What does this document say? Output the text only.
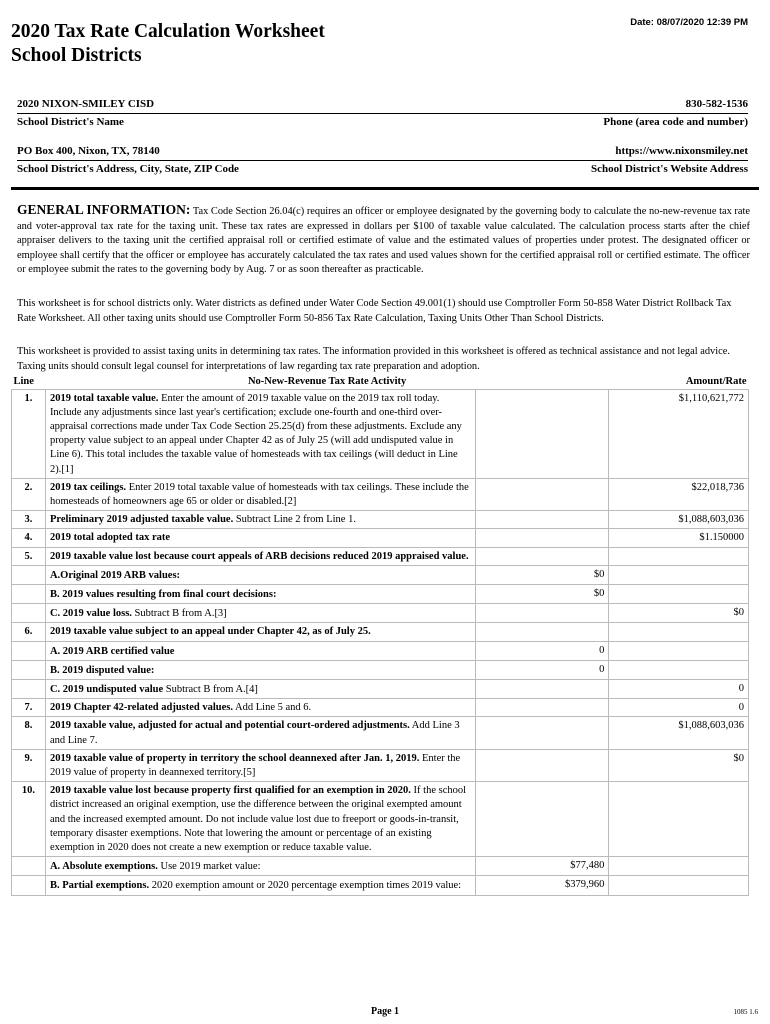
Date: 08/07/2020 12:39 PM
2020 Tax Rate Calculation Worksheet
School Districts
2020 NIXON-SMILEY CISD	830-582-1536
School District's Name	Phone (area code and number)
PO Box 400, Nixon, TX, 78140	https://www.nixonsmiley.net
School District's Address, City, State, ZIP Code	School District's Website Address
GENERAL INFORMATION: Tax Code Section 26.04(c) requires an officer or employee designated by the governing body to calculate the no-new-revenue tax rate and voter-approval tax rate for the taxing unit. These tax rates are expressed in dollars per $100 of taxable value calculated. The calculation process starts after the chief appraiser delivers to the taxing unit the certified appraisal roll or certified estimate of value and the estimated values of properties under protest. The designated officer or employee shall certify that the officer or employee has accurately calculated the tax rates and used values shown for the certified appraisal roll or certified estimate. The officer or employee submit the rates to the governing body by Aug. 7 or as soon thereafter as practicable.
This worksheet is for school districts only. Water districts as defined under Water Code Section 49.001(1) should use Comptroller Form 50-858 Water District Rollback Tax Rate Worksheet. All other taxing units should use Comptroller Form 50-856 Tax Rate Calculation, Taxing Units Other Than School Districts.
This worksheet is provided to assist taxing units in determining tax rates. The information provided in this worksheet is offered as technical assistance and not legal advice. Taxing units should consult legal counsel for interpretations of law regarding tax rate preparation and adoption.
Line	No-New-Revenue Tax Rate Activity		Amount/Rate
1.	2019 total taxable value. Enter the amount of 2019 taxable value on the 2019 tax roll today. Include any adjustments since last year's certification; exclude one-fourth and one-third over-appraisal corrections made under Tax Code Section 25.25(d) from these adjustments. Exclude any property value subject to an appeal under Chapter 42 as of July 25 (will add undisputed value in Line 6). This total includes the taxable value of homesteads with tax ceilings (will deduct in Line 2).[1]		$1,110,621,772
2.	2019 tax ceilings. Enter 2019 total taxable value of homesteads with tax ceilings. These include the homesteads of homeowners age 65 or older or disabled.[2]		$22,018,736
3.	Preliminary 2019 adjusted taxable value. Subtract Line 2 from Line 1.		$1,088,603,036
4.	2019 total adopted tax rate		$1.150000
5.	2019 taxable value lost because court appeals of ARB decisions reduced 2019 appraised value.		
	A.Original 2019 ARB values:	$0	
	B. 2019 values resulting from final court decisions:	$0	
	C. 2019 value loss. Subtract B from A.[3]		$0
6.	2019 taxable value subject to an appeal under Chapter 42, as of July 25.		
	A. 2019 ARB certified value	0	
	B. 2019 disputed value:	0	
	C. 2019 undisputed value Subtract B from A.[4]		0
7.	2019 Chapter 42-related adjusted values. Add Line 5 and 6.		0
8.	2019 taxable value, adjusted for actual and potential court-ordered adjustments. Add Line 3 and Line 7.		$1,088,603,036
9.	2019 taxable value of property in territory the school deannexed after Jan. 1, 2019. Enter the 2019 value of property in deannexed territory.[5]		$0
10.	2019 taxable value lost because property first qualified for an exemption in 2020. If the school district increased an original exemption, use the difference between the original exempted amount and the increased exempted amount. Do not include value lost due to freeport or goods-in-transit, temporary disaster exemptions. Note that lowering the amount or percentage of an existing exemption in 2020 does not create a new exemption or reduce taxable value.		
	A. Absolute exemptions. Use 2019 market value:	$77,480	
	B. Partial exemptions. 2020 exemption amount or 2020 percentage exemption times 2019 value:	$379,960	
Page 1	1085 1.6
